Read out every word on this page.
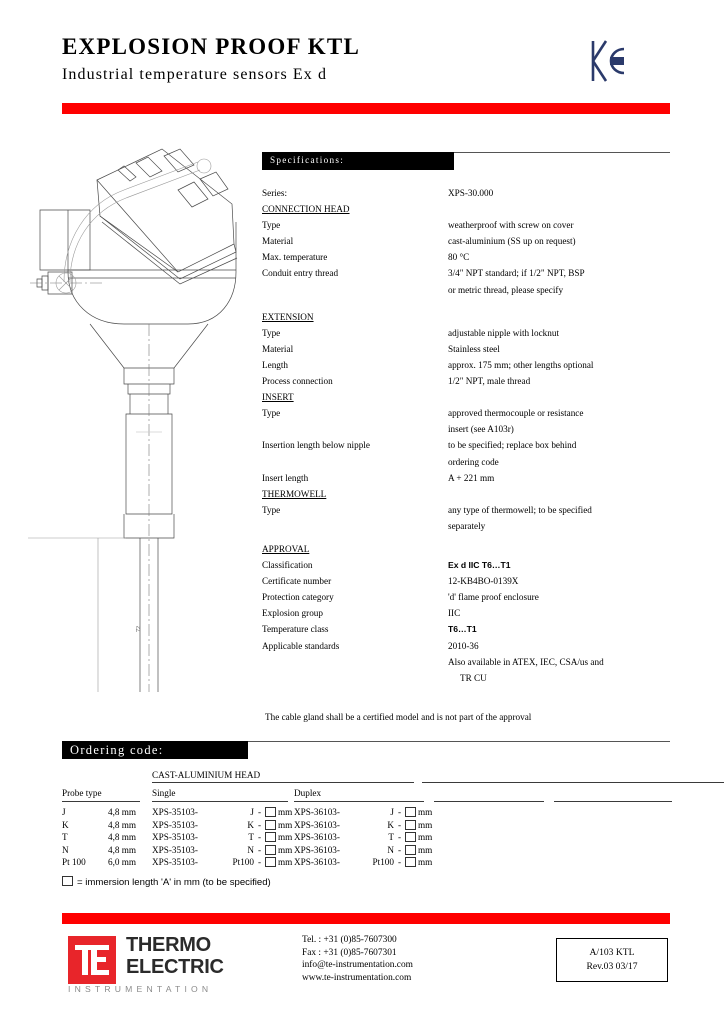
EXPLOSION PROOF KTL
Industrial temperature sensors Ex d
72
Specifications:
Series:	XPS-30.000
CONNECTION HEAD
Type	weatherproof with screw on cover
Material	cast-aluminium (SS up on request)
Max. temperature	80 °C
Conduit entry thread	3/4" NPT standard; if 1/2" NPT, BSP
or metric thread, please specify
EXTENSION
Type	adjustable nipple with locknut
Material	Stainless steel
Length	approx. 175 mm; other lengths optional
Process connection	1/2" NPT, male thread
INSERT
Type	approved thermocouple or resistance
insert (see A103r)
Insertion length below nipple	to be specified; replace box behind
ordering code
Insert length	A + 221 mm
THERMOWELL
Type	any type of thermowell; to be specified
separately
APPROVAL
Classification	Ex d IIC T6…T1
Certificate number	12-KB4BO-0139X
Protection category	'd' flame proof enclosure
Explosion group	IIC
Temperature class	T6…T1
Applicable standards	2010-36
Also available in ATEX, IEC, CSA/us and
TR CU
The cable gland shall be a certified model and is not part of the approval
Ordering code:
CAST-ALUMINIUM HEAD
Probe type	Single	Duplex
J	4,8 mm XPS-35103-	J - mm XPS-36103-	J - mm
K	4,8 mm XPS-35103-	K - mm XPS-36103-	K - mm
T	4,8 mm XPS-35103-	T - mm XPS-36103-	T - mm
N	4,8 mm XPS-35103-	N - mm XPS-36103-	N - mm
Pt 100 6,0 mm XPS-35103-	Pt100 - mm XPS-36103-	Pt100 - mm
= immersion length 'A' in mm (to be specified)
THERMO
ELECTRIC
INSTRUMENTATION
Tel. : +31 (0)85-7607300
Fax : +31 (0)85-7607301
info@te-instrumentation.com
www.te-instrumentation.com
A/103 KTL
Rev.03 03/17
